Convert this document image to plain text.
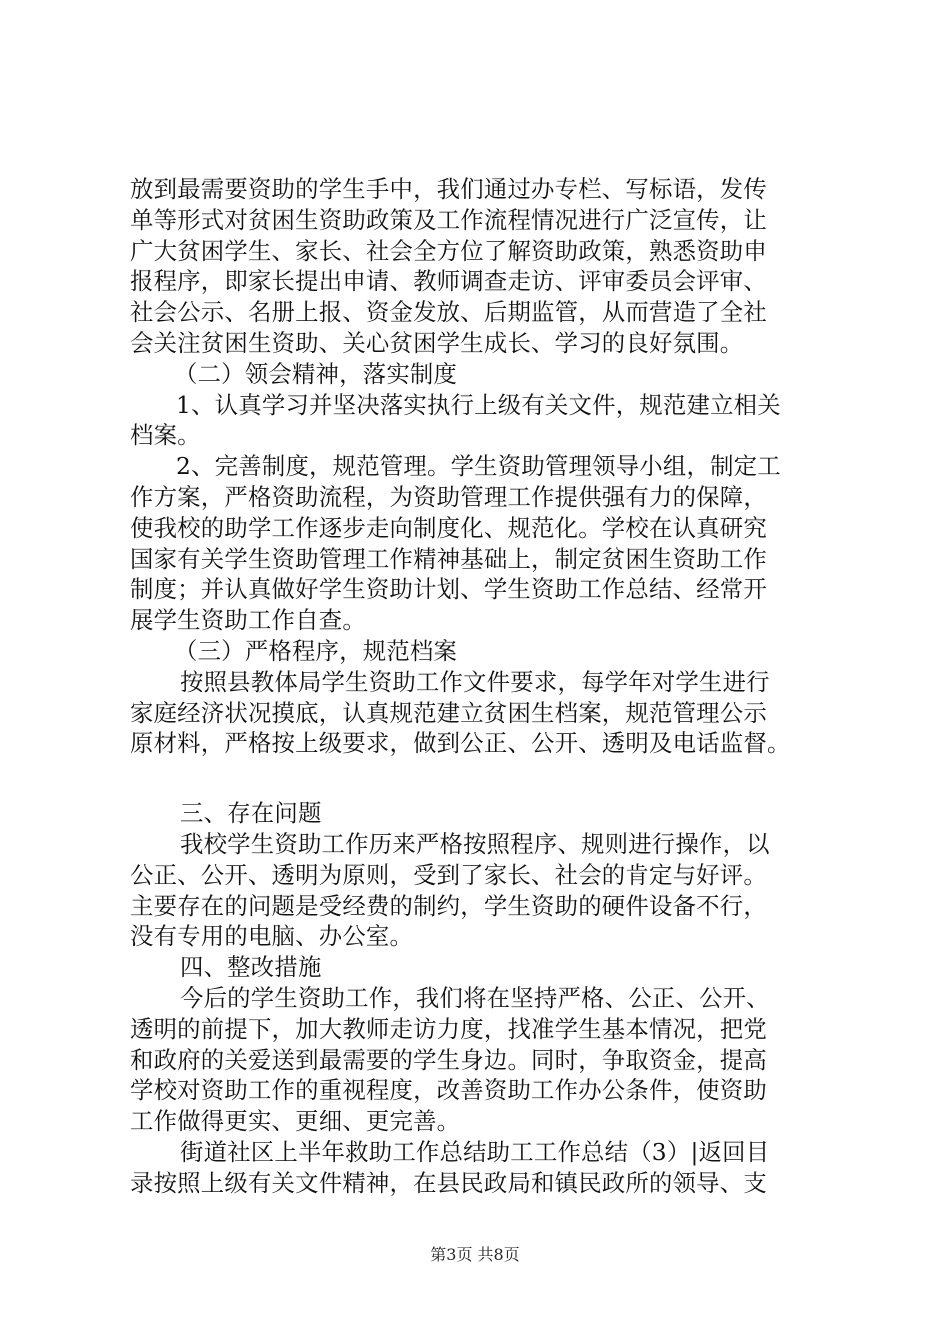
放到最需要资助的学生手中，我们通过办专栏、写标语，发传
单等形式对贫困生资助政策及工作流程情况进行广泛宣传，让
广大贫困学生、家长、社会全方位了解资助政策，熟悉资助申
报程序，即家长提出申请、教师调查走访、评审委员会评审、
社会公示、名册上报、资金发放、后期监管，从而营造了全社
会关注贫困生资助、关心贫困学生成长、学习的良好氛围。
（二）领会精神，落实制度
1、认真学习并坚决落实执行上级有关文件，规范建立相关
档案。
2、完善制度，规范管理。学生资助管理领导小组，制定工
作方案，严格资助流程，为资助管理工作提供强有力的保障，
使我校的助学工作逐步走向制度化、规范化。学校在认真研究
国家有关学生资助管理工作精神基础上，制定贫困生资助工作
制度；并认真做好学生资助计划、学生资助工作总结、经常开
展学生资助工作自查。
（三）严格程序，规范档案
按照县教体局学生资助工作文件要求，每学年对学生进行
家庭经济状况摸底，认真规范建立贫困生档案，规范管理公示
原材料，严格按上级要求，做到公正、公开、透明及电话监督。
三、存在问题
我校学生资助工作历来严格按照程序、规则进行操作，以
公正、公开、透明为原则，受到了家长、社会的肯定与好评。
主要存在的问题是受经费的制约，学生资助的硬件设备不行，
没有专用的电脑、办公室。
四、整改措施
今后的学生资助工作，我们将在坚持严格、公正、公开、
透明的前提下，加大教师走访力度，找准学生基本情况，把党
和政府的关爱送到最需要的学生身边。同时，争取资金，提高
学校对资助工作的重视程度，改善资助工作办公条件，使资助
工作做得更实、更细、更完善。
街道社区上半年救助工作总结助工工作总结（3）|返回目
录按照上级有关文件精神，在县民政局和镇民政所的领导、支
第3页 共8页
